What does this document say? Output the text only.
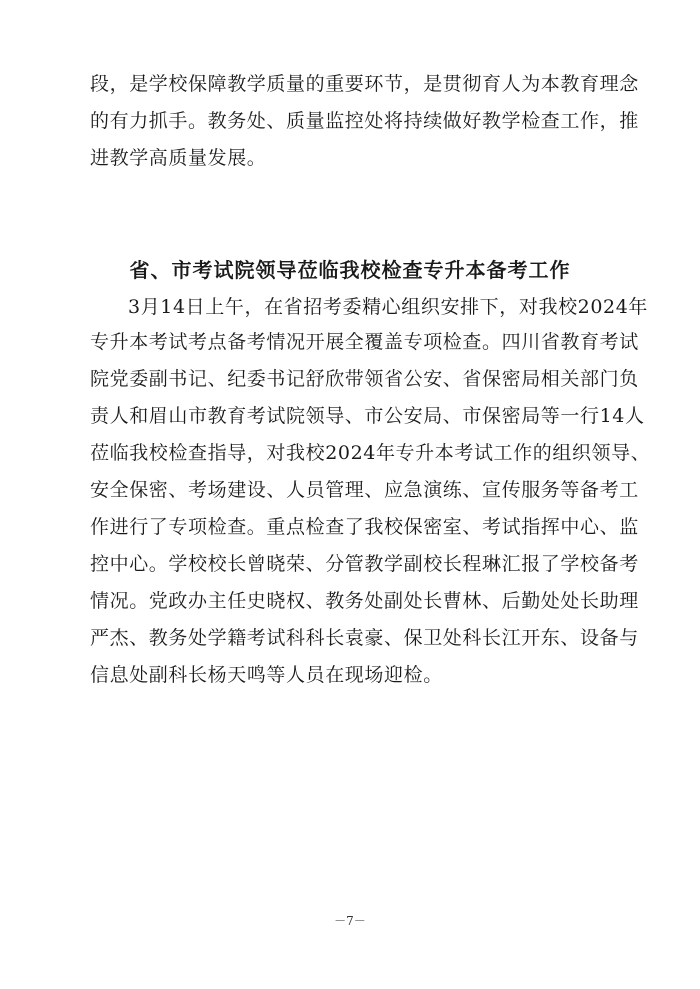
段，是学校保障教学质量的重要环节，是贯彻育人为本教育理念
的有力抓手。教务处、质量监控处将持续做好教学检查工作，推
进教学高质量发展。
省、市考试院领导莅临我校检查专升本备考工作
3月14日上午，在省招考委精心组织安排下，对我校2024年
专升本考试考点备考情况开展全覆盖专项检查。四川省教育考试
院党委副书记、纪委书记舒欣带领省公安、省保密局相关部门负
责人和眉山市教育考试院领导、市公安局、市保密局等一行14人
莅临我校检查指导，对我校2024年专升本考试工作的组织领导、
安全保密、考场建设、人员管理、应急演练、宣传服务等备考工
作进行了专项检查。重点检查了我校保密室、考试指挥中心、监
控中心。学校校长曾晓荣、分管教学副校长程琳汇报了学校备考
情况。党政办主任史晓权、教务处副处长曹林、后勤处处长助理
严杰、教务处学籍考试科科长袁豪、保卫处科长江开东、设备与
信息处副科长杨天鸣等人员在现场迎检。
－7－
